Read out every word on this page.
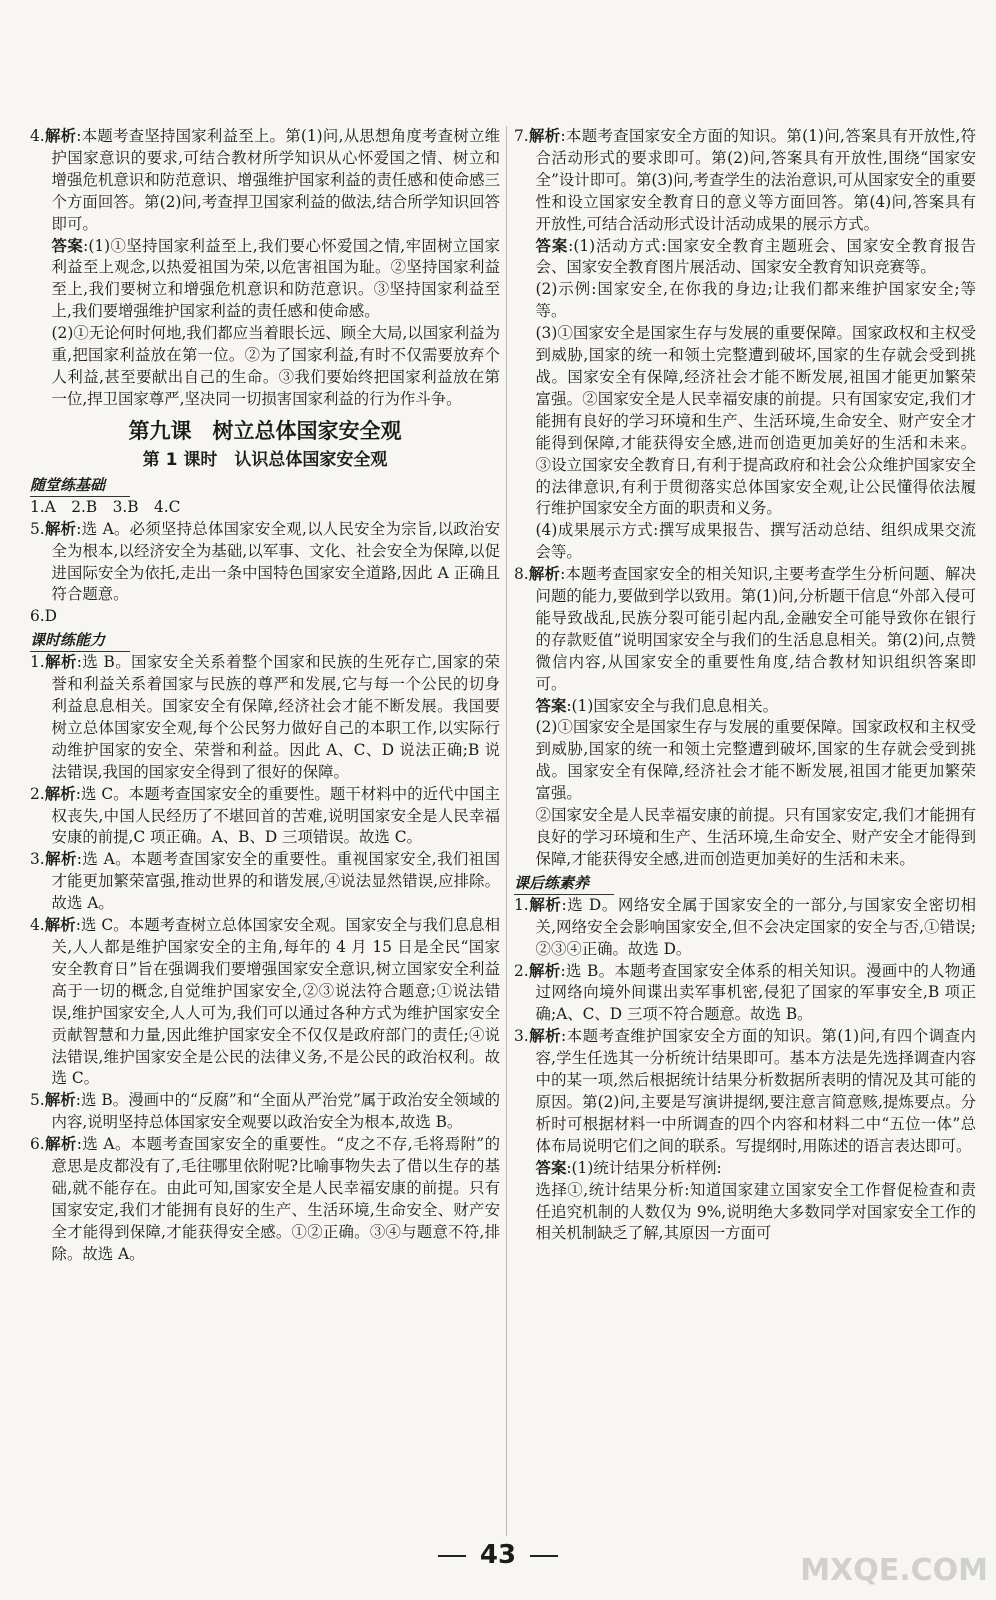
4.解析:本题考查坚持国家利益至上。第(1)问,从思想角度考查树立维护国家意识的要求,可结合教材所学知识从心怀爱国之情、树立和增强危机意识和防范意识、增强维护国家利益的责任感和使命感三个方面回答。第(2)问,考查捍卫国家利益的做法,结合所学知识回答即可。

答案:(1)①坚持国家利益至上,我们要心怀爱国之情,牢固树立国家利益至上观念,以热爱祖国为荣,以危害祖国为耻。②坚持国家利益至上,我们要树立和增强危机意识和防范意识。③坚持国家利益至上,我们要增强维护国家利益的责任感和使命感。

(2)①无论何时何地,我们都应当着眼长远、顾全大局,以国家利益为重,把国家利益放在第一位。②为了国家利益,有时不仅需要放弃个人利益,甚至要献出自己的生命。③我们要始终把国家利益放在第一位,捍卫国家尊严,坚决同一切损害国家利益的行为作斗争。

第九课　树立总体国家安全观
第 1 课时　认识总体国家安全观
随堂练基础

1.A　2.B　3.B　4.C

5.解析:选 A。必须坚持总体国家安全观,以人民安全为宗旨,以政治安全为根本,以经济安全为基础,以军事、文化、社会安全为保障,以促进国际安全为依托,走出一条中国特色国家安全道路,因此 A 正确且符合题意。

6.D

课时练能力

1.解析:选 B。国家安全关系着整个国家和民族的生死存亡,国家的荣誉和利益关系着国家与民族的尊严和发展,它与每一个公民的切身利益息息相关。国家安全有保障,经济社会才能不断发展。我国要树立总体国家安全观,每个公民努力做好自己的本职工作,以实际行动维护国家的安全、荣誉和利益。因此 A、C、D 说法正确;B 说法错误,我国的国家安全得到了很好的保障。

2.解析:选 C。本题考查国家安全的重要性。题干材料中的近代中国主权丧失,中国人民经历了不堪回首的苦难,说明国家安全是人民幸福安康的前提,C 项正确。A、B、D 三项错误。故选 C。

3.解析:选 A。本题考查国家安全的重要性。重视国家安全,我们祖国才能更加繁荣富强,推动世界的和谐发展,④说法显然错误,应排除。故选 A。

4.解析:选 C。本题考查树立总体国家安全观。国家安全与我们息息相关,人人都是维护国家安全的主角,每年的 4 月 15 日是全民“国家安全教育日”旨在强调我们要增强国家安全意识,树立国家安全利益高于一切的概念,自觉维护国家安全,②③说法符合题意;①说法错误,维护国家安全,人人可为,我们可以通过各种方式为维护国家安全贡献智慧和力量,因此维护国家安全不仅仅是政府部门的责任;④说法错误,维护国家安全是公民的法律义务,不是公民的政治权利。故选 C。

5.解析:选 B。漫画中的“反腐”和“全面从严治党”属于政治安全领域的内容,说明坚持总体国家安全观要以政治安全为根本,故选 B。

6.解析:选 A。本题考查国家安全的重要性。“皮之不存,毛将焉附”的意思是皮都没有了,毛往哪里依附呢?比喻事物失去了借以生存的基础,就不能存在。由此可知,国家安全是人民幸福安康的前提。只有国家安定,我们才能拥有良好的生产、生活环境,生命安全、财产安全才能得到保障,才能获得安全感。①②正确。③④与题意不符,排除。故选 A。

7.解析:本题考查国家安全方面的知识。第(1)问,答案具有开放性,符合活动形式的要求即可。第(2)问,答案具有开放性,围绕“国家安全”设计即可。第(3)问,考查学生的法治意识,可从国家安全的重要性和设立国家安全教育日的意义等方面回答。第(4)问,答案具有开放性,可结合活动形式设计活动成果的展示方式。

答案:(1)活动方式:国家安全教育主题班会、国家安全教育报告会、国家安全教育图片展活动、国家安全教育知识竞赛等。

(2)示例:国家安全,在你我的身边;让我们都来维护国家安全;等等。

(3)①国家安全是国家生存与发展的重要保障。国家政权和主权受到威胁,国家的统一和领土完整遭到破坏,国家的生存就会受到挑战。国家安全有保障,经济社会才能不断发展,祖国才能更加繁荣富强。②国家安全是人民幸福安康的前提。只有国家安定,我们才能拥有良好的学习环境和生产、生活环境,生命安全、财产安全才能得到保障,才能获得安全感,进而创造更加美好的生活和未来。③设立国家安全教育日,有利于提高政府和社会公众维护国家安全的法律意识,有利于贯彻落实总体国家安全观,让公民懂得依法履行维护国家安全方面的职责和义务。

(4)成果展示方式:撰写成果报告、撰写活动总结、组织成果交流会等。

8.解析:本题考查国家安全的相关知识,主要考查学生分析问题、解决问题的能力,要做到学以致用。第(1)问,分析题干信息“外部入侵可能导致战乱,民族分裂可能引起内乱,金融安全可能导致你在银行的存款贬值”说明国家安全与我们的生活息息相关。第(2)问,点赞微信内容,从国家安全的重要性角度,结合教材知识组织答案即可。

答案:(1)国家安全与我们息息相关。

(2)①国家安全是国家生存与发展的重要保障。国家政权和主权受到威胁,国家的统一和领土完整遭到破坏,国家的生存就会受到挑战。国家安全有保障,经济社会才能不断发展,祖国才能更加繁荣富强。

②国家安全是人民幸福安康的前提。只有国家安定,我们才能拥有良好的学习环境和生产、生活环境,生命安全、财产安全才能得到保障,才能获得安全感,进而创造更加美好的生活和未来。

课后练素养

1.解析:选 D。网络安全属于国家安全的一部分,与国家安全密切相关,网络安全会影响国家安全,但不会决定国家的安全与否,①错误;②③④正确。故选 D。

2.解析:选 B。本题考查国家安全体系的相关知识。漫画中的人物通过网络向境外间谍出卖军事机密,侵犯了国家的军事安全,B 项正确;A、C、D 三项不符合题意。故选 B。

3.解析:本题考查维护国家安全方面的知识。第(1)问,有四个调查内容,学生任选其一分析统计结果即可。基本方法是先选择调查内容中的某一项,然后根据统计结果分析数据所表明的情况及其可能的原因。第(2)问,主要是写演讲提纲,要注意言简意赅,提炼要点。分析时可根据材料一中所调查的四个内容和材料二中“五位一体”总体布局说明它们之间的联系。写提纲时,用陈述的语言表达即可。

答案:(1)统计结果分析样例:

选择①,统计结果分析:知道国家建立国家安全工作督促检查和责任追究机制的人数仅为 9%,说明绝大多数同学对国家安全工作的相关机制缺乏了解,其原因一方面可

43	MXQE.COM
